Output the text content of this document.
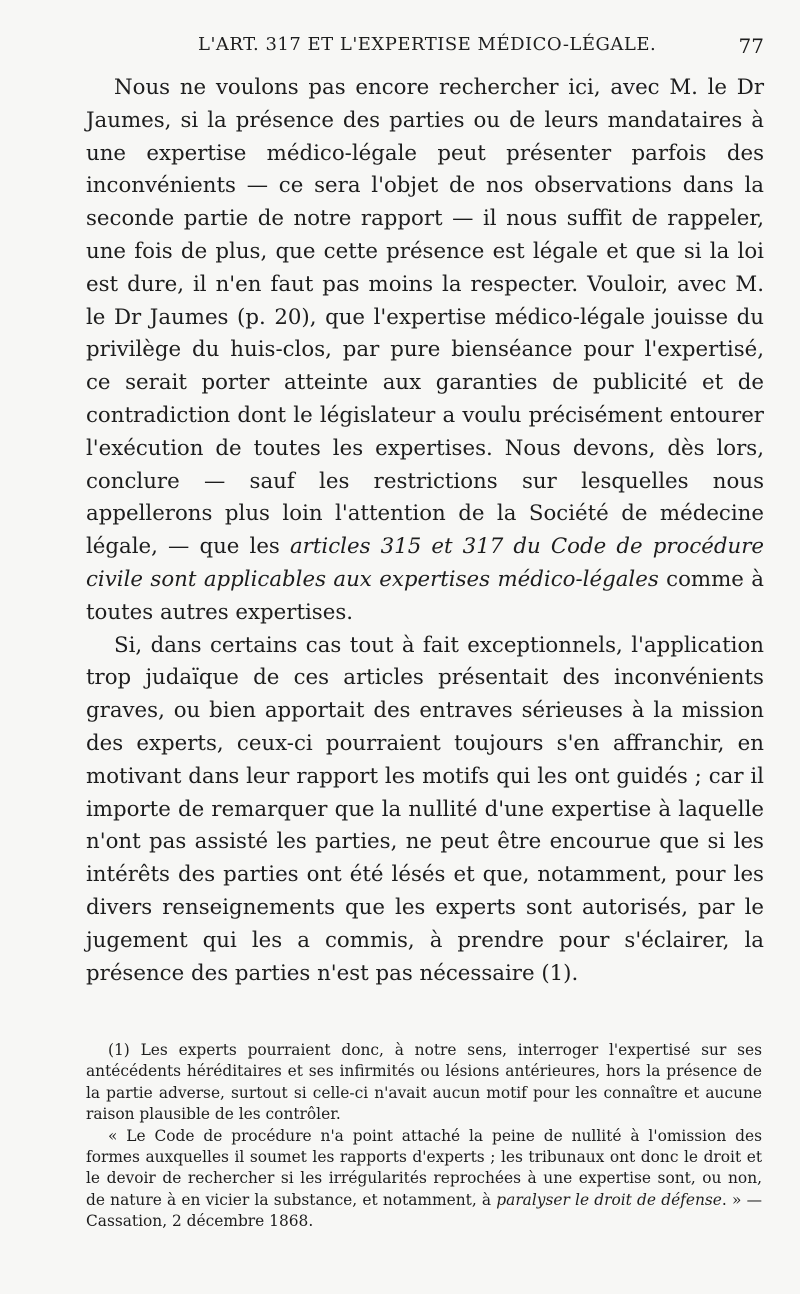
L'ART. 317 ET L'EXPERTISE MÉDICO-LÉGALE.	77

Nous ne voulons pas encore rechercher ici, avec M. le Dr Jaumes, si la présence des parties ou de leurs mandataires à une expertise médico-légale peut présenter parfois des inconvénients — ce sera l'objet de nos observations dans la seconde partie de notre rapport — il nous suffit de rappeler, une fois de plus, que cette présence est légale et que si la loi est dure, il n'en faut pas moins la respecter. Vouloir, avec M. le Dr Jaumes (p. 20), que l'expertise médico-légale jouisse du privilège du huis-clos, par pure bienséance pour l'expertisé, ce serait porter atteinte aux garanties de publicité et de contradiction dont le législateur a voulu précisément entourer l'exécution de toutes les expertises. Nous devons, dès lors, conclure — sauf les restrictions sur lesquelles nous appellerons plus loin l'attention de la Société de médecine légale, — que les articles 315 et 317 du Code de procédure civile sont applicables aux expertises médico-légales comme à toutes autres expertises.

Si, dans certains cas tout à fait exceptionnels, l'application trop judaïque de ces articles présentait des inconvénients graves, ou bien apportait des entraves sérieuses à la mission des experts, ceux-ci pourraient toujours s'en affranchir, en motivant dans leur rapport les motifs qui les ont guidés ; car il importe de remarquer que la nullité d'une expertise à laquelle n'ont pas assisté les parties, ne peut être encourue que si les intérêts des parties ont été lésés et que, notamment, pour les divers renseignements que les experts sont autorisés, par le jugement qui les a commis, à prendre pour s'éclairer, la présence des parties n'est pas nécessaire (1).

(1) Les experts pourraient donc, à notre sens, interroger l'expertisé sur ses antécédents héréditaires et ses infirmités ou lésions antérieures, hors la présence de la partie adverse, surtout si celle-ci n'avait aucun motif pour les connaître et aucune raison plausible de les contrôler.

« Le Code de procédure n'a point attaché la peine de nullité à l'omission des formes auxquelles il soumet les rapports d'experts ; les tribunaux ont donc le droit et le devoir de rechercher si les irrégularités reprochées à une expertise sont, ou non, de nature à en vicier la substance, et notamment, à paralyser le droit de défense. » — Cassation, 2 décembre 1868.
